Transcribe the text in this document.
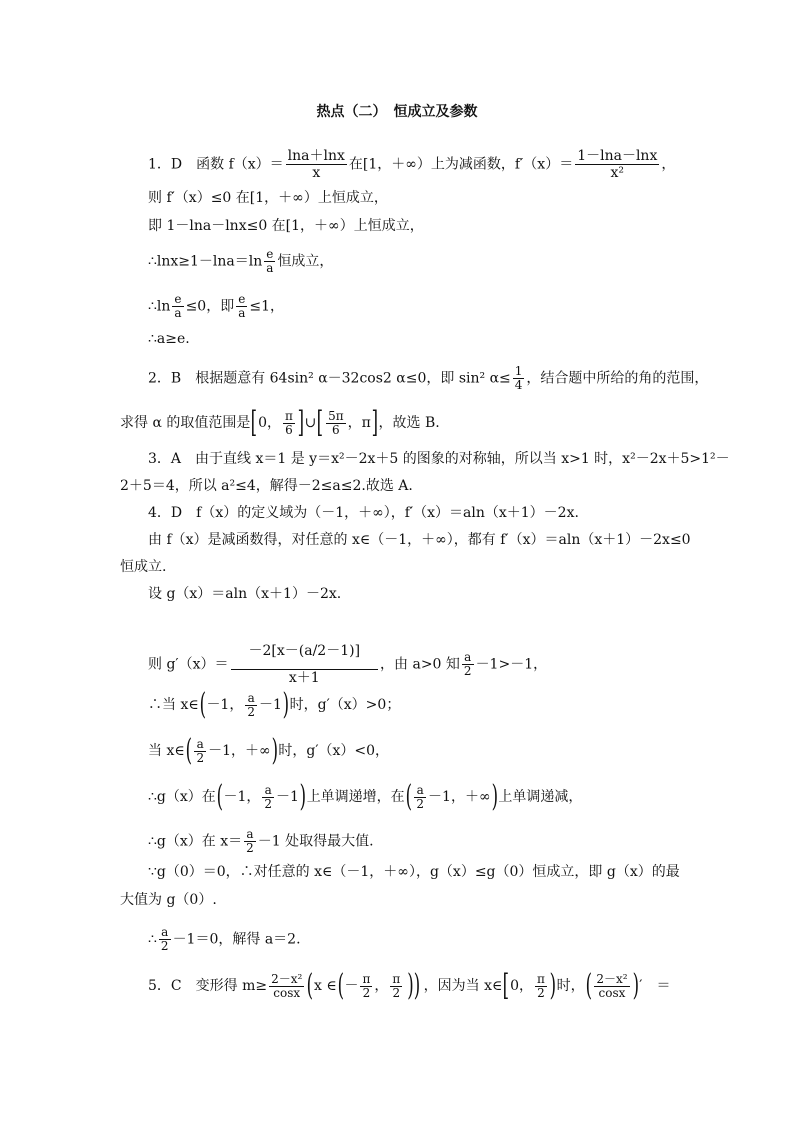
热点（二）　恒成立及参数
1．D　函数 $f(x)= \frac{\ln a+\ln x}{x}$ 在[1，＋∞）上为减函数，$f'(x)= \frac{1-\ln a-\ln x}{\text{x²}}$ ，
则 f′（x）≤0 在[1，＋∞）上恒成立，
即 1－lna－lnx≤0 在[1，＋∞）上恒成立，
∴lnx≥1－lna＝ln $\frac{e}{a}$ 恒成立，
∴ln $\frac{e}{a} \le 0$，即 $\frac{e}{a} \le 1$，
∴a≥e.
2．B　根据题意有 64sin² α－32cos2 α≤0，即 sin² $\alpha\le \frac{1}{4}$ ，结合题中所给的角的范围，
求得 α 的取值范围是[0， $\frac{\pi}{6}$ ]∪[ $\frac{5\pi}{6}$ ，π]，故选 B.
3．A　由于直线 x＝1 是 y＝x²－2x＋5 的图象的对称轴，所以当 x>1 时，x²－2x＋5>1²－
2＋5＝4，所以 a²≤4，解得－2≤a≤2.故选 A.
4．D　f（x）的定义域为（－1，＋∞），f′（x）＝aln（x＋1）－2x.
由 f（x）是减函数得，对任意的 x∈（－1，＋∞），都有 f′（x）＝aln（x＋1）－2x≤0
恒成立.
设 g（x）＝aln（x＋1）－2x.
则 $g'(x)= \frac{-2[x-(a/2-1)]}{x+1}$ ，由 a>0 知 $\frac{a}{2} -1>-1$，
∴当 x∈(－1， $\frac{a}{2} -1$)时，g′（x）>0；
当 x∈( $\frac{a}{2} -1$，＋∞)时，g′（x）<0，
∴g（x）在(－1， $\frac{a}{2} -1$)上单调递增，在( $\frac{a}{2} -1$，＋∞)上单调递减，
∴g（x）在 $x= \frac{a}{2} -1$ 处取得最大值.
∵g（0）＝0，∴对任意的 x∈（－1，＋∞），g（x）≤g（0）恒成立，即 g（x）的最
大值为 g（0）.
∴ $\frac{a}{2} -1=0$，解得 a＝2.
5．C　变形得 $m\ge \frac{\text{2－x²}}{\cos x} (x$ ∈(－ $\frac{\pi}{2}$ ， $\frac{\pi}{2}$ )) ，因为当 x∈[0， $\frac{\pi}{2}$ )时，( $\frac{\text{2－x²}}{\cos x}$ )′　＝
